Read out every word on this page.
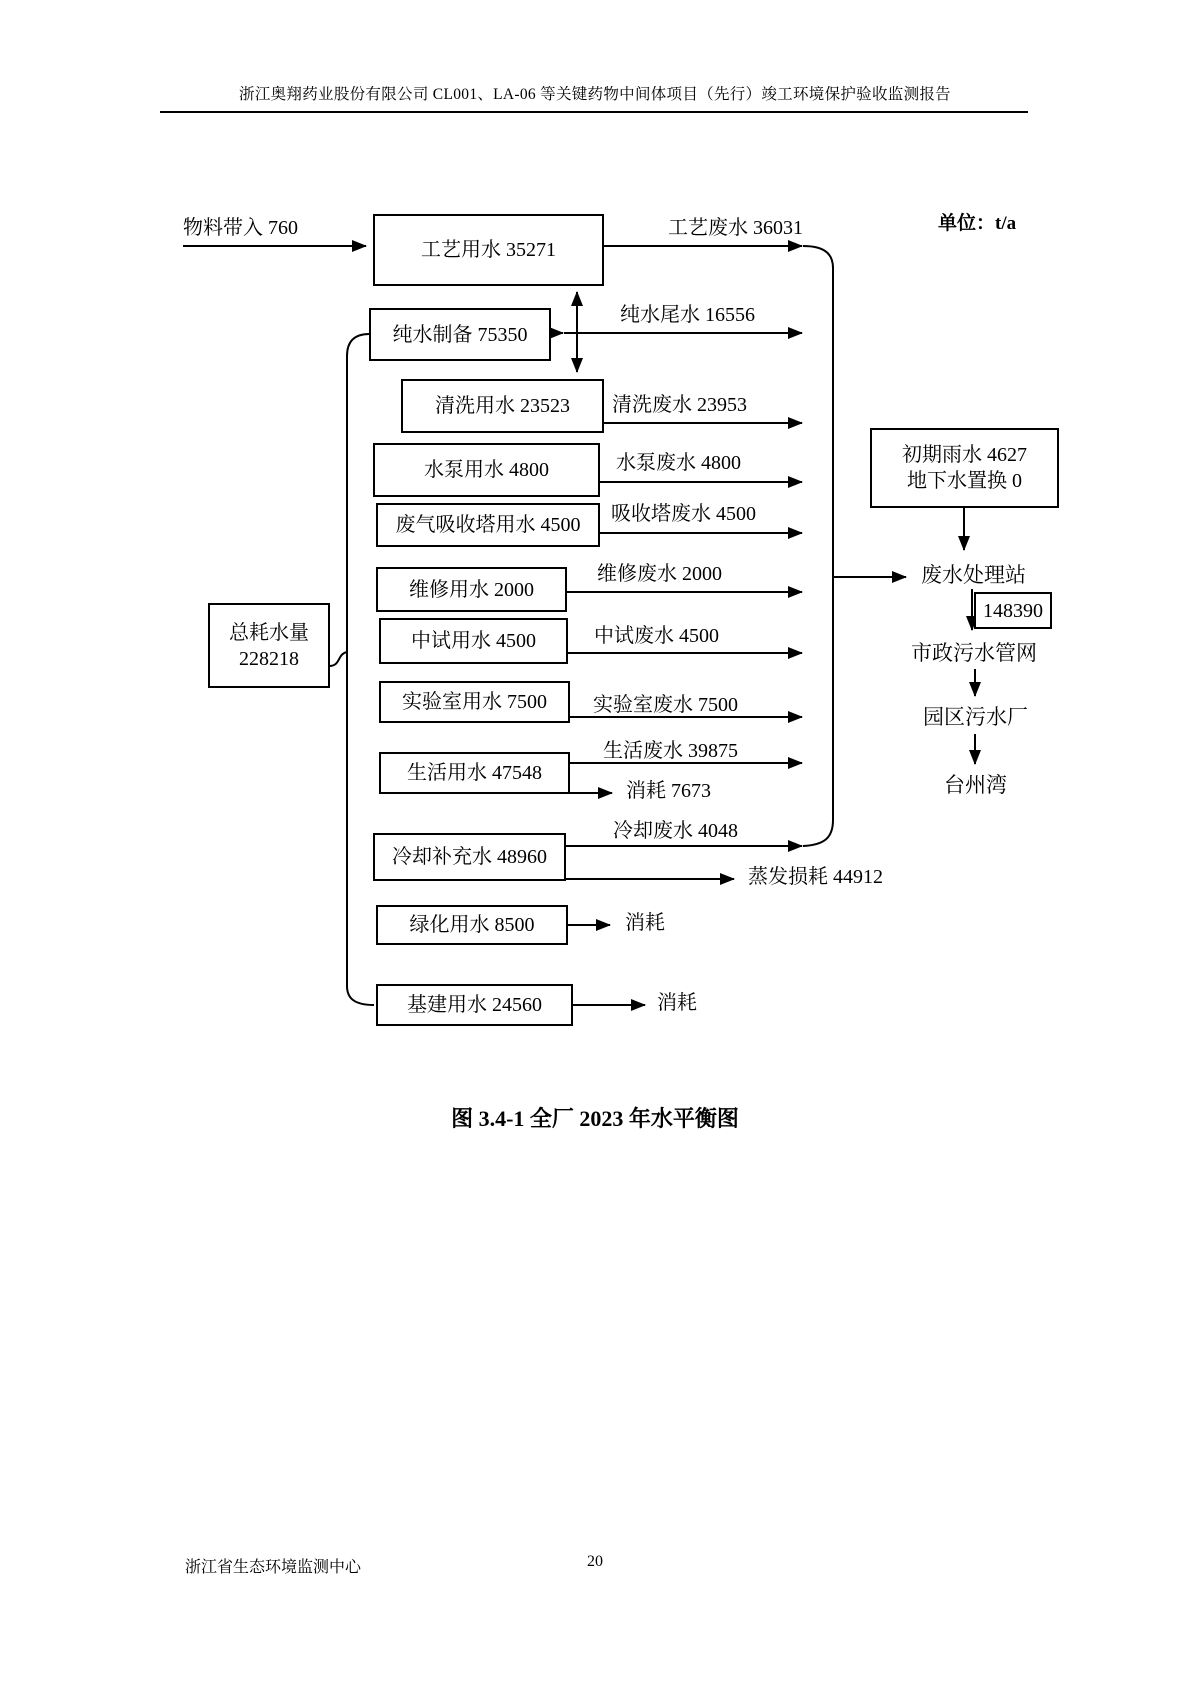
浙江奥翔药业股份有限公司 CL001、LA-06 等关键药物中间体项目（先行）竣工环境保护验收监测报告
单位：t/a
工艺用水 35271
纯水制备 75350
清洗用水 23523
水泵用水 4800
废气吸收塔用水 4500
维修用水 2000
中试用水 4500
实验室用水 7500
生活用水 47548
冷却补充水 48960
绿化用水 8500
基建用水 24560
总耗水量
228218
初期雨水 4627
地下水置换 0
148390
物料带入 760	工艺废水 36031
纯水尾水 16556
清洗废水 23953
水泵废水 4800
吸收塔废水 4500
维修废水 2000
中试废水 4500
实验室废水 7500
生活废水 39875
消耗 7673
冷却废水 4048
蒸发损耗 44912
消耗
消耗
废水处理站
市政污水管网
园区污水厂
台州湾
图 3.4-1 全厂 2023 年水平衡图
浙江省生态环境监测中心	20
